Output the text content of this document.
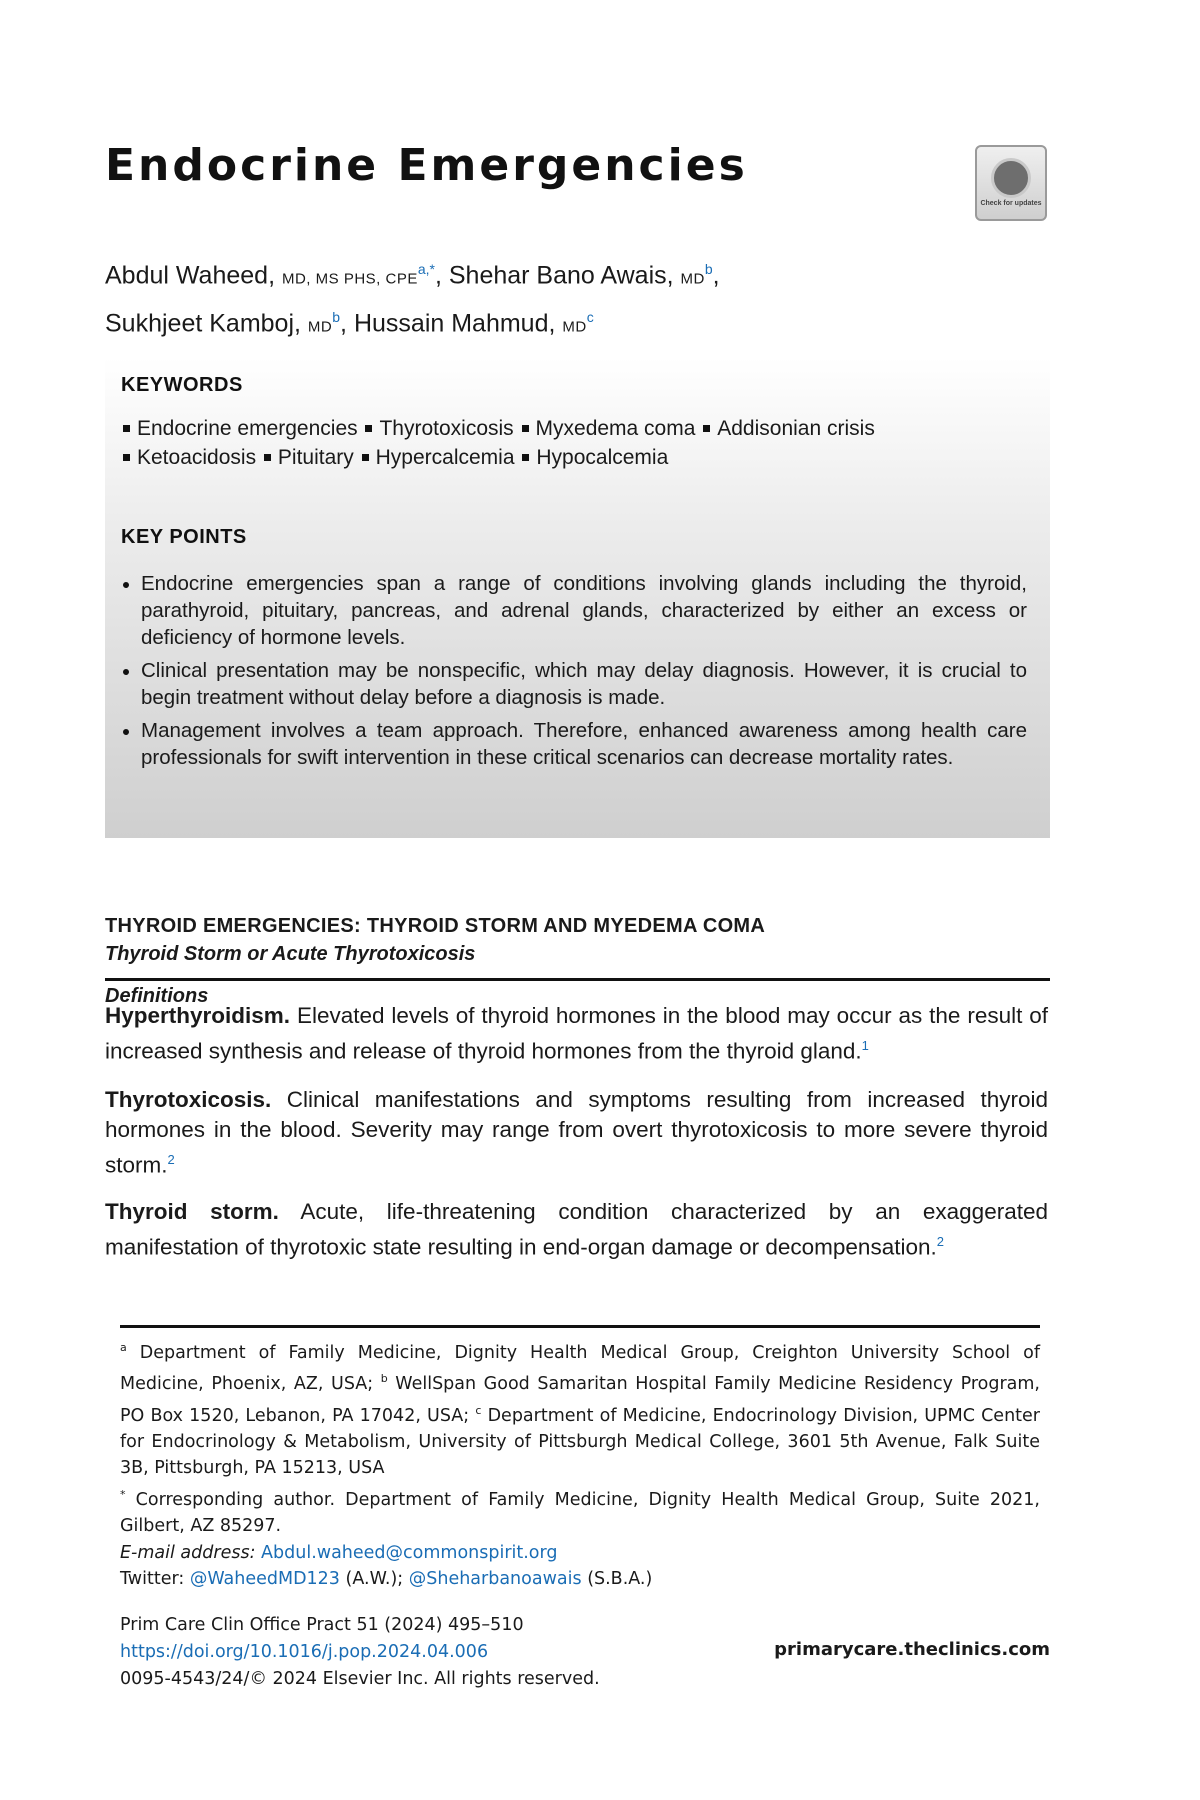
Endocrine Emergencies
Check for updates
Abdul Waheed, MD, MS PHS, $CPE^{a,*}$, Shehar Bano Awais, $MD^b$,
Sukhjeet Kamboj, $MD^b$, Hussain Mahmud, $MD^c$
KEYWORDS
Endocrine emergencies Thyrotoxicosis Myxedema coma Addisonian crisis
Ketoacidosis Pituitary Hypercalcemia Hypocalcemia
KEY POINTS
Endocrine emergencies span a range of conditions involving glands including the thyroid, parathyroid, pituitary, pancreas, and adrenal glands, characterized by either an excess or deficiency of hormone levels.
Clinical presentation may be nonspecific, which may delay diagnosis. However, it is crucial to begin treatment without delay before a diagnosis is made.
Management involves a team approach. Therefore, enhanced awareness among health care professionals for swift intervention in these critical scenarios can decrease mortality rates.
THYROID EMERGENCIES: THYROID STORM AND MYEDEMA COMA
Thyroid Storm or Acute Thyrotoxicosis
Definitions

Hyperthyroidism. Elevated levels of thyroid hormones in the blood may occur as the result of increased synthesis and release of thyroid hormones from the thyroid gland.$^1$

Thyrotoxicosis. Clinical manifestations and symptoms resulting from increased thyroid hormones in the blood. Severity may range from overt thyrotoxicosis to more severe thyroid storm.$^2$

Thyroid storm. Acute, life-threatening condition characterized by an exaggerated manifestation of thyrotoxic state resulting in end-organ damage or decompensation.$^2$

$^a$ Department of Family Medicine, Dignity Health Medical Group, Creighton University School of Medicine, Phoenix, AZ, USA; $^b$ WellSpan Good Samaritan Hospital Family Medicine Residency Program, PO Box 1520, Lebanon, PA 17042, USA; $^c$ Department of Medicine, Endocrinology Division, UPMC Center for Endocrinology & Metabolism, University of Pittsburgh Medical College, 3601 5th Avenue, Falk Suite 3B, Pittsburgh, PA 15213, USA
* Corresponding author. Department of Family Medicine, Dignity Health Medical Group, Suite 2021, Gilbert, AZ 85297.
E-mail address: Abdul.waheed@commonspirit.org
Twitter: @WaheedMD123 (A.W.); @Sheharbanoawais (S.B.A.)
Prim Care Clin Office Pract 51 (2024) 495–510
https://doi.org/10.1016/j.pop.2024.04.006
0095-4543/24/© 2024 Elsevier Inc. All rights reserved.
primarycare.theclinics.com
